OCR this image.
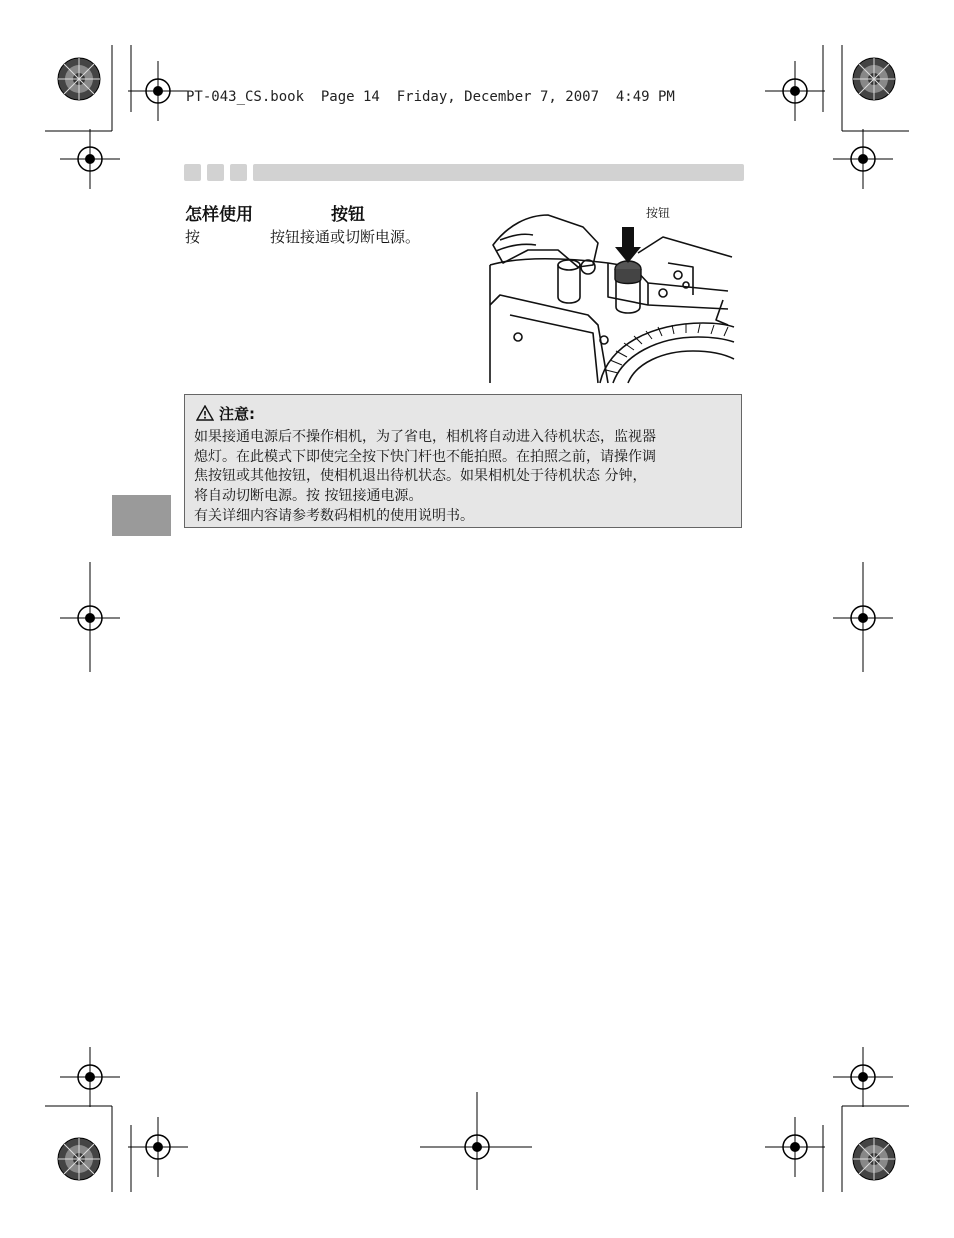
PT-043_CS.book  Page 14  Friday, December 7, 2007  4:49 PM
怎样使用	按钮
按	按钮接通或切断电源。
按钮
注意:
如果接通电源后不操作相机，为了省电，相机将自动进入待机状态，监视器
熄灯。在此模式下即使完全按下快门杆也不能拍照。在拍照之前，请操作调
焦按钮或其他按钮，使相机退出待机状态。如果相机处于待机状态 分钟，
将自动切断电源。按 按钮接通电源。
有关详细内容请参考数码相机的使用说明书。
